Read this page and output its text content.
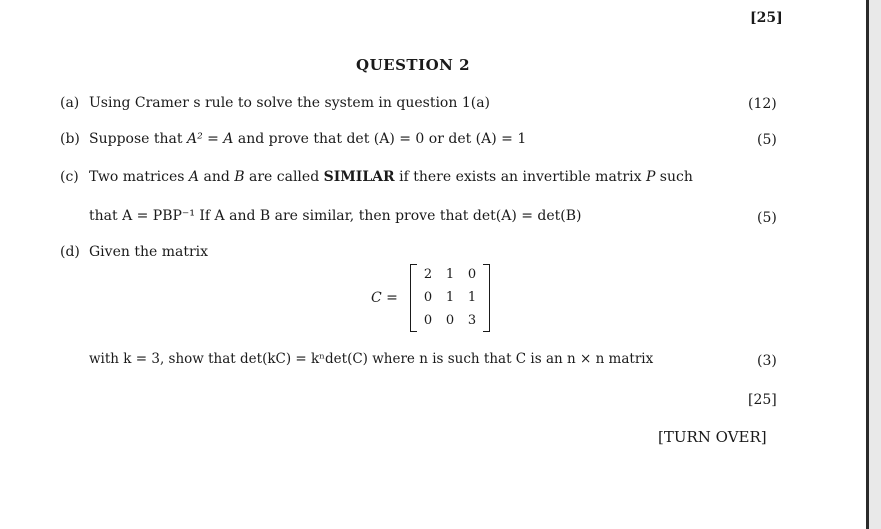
[25]
QUESTION 2
(a) Using Cramer s rule to solve the system in question 1(a)	(12)
(b) Suppose that A² = A and prove that det (A) = 0 or det (A) = 1	(5)
(c) Two matrices A and B are called SIMILAR if there exists an invertible matrix P such
that A = PBP⁻¹ If A and B are similar, then prove that det(A) = det(B)	(5)
(d) Given the matrix
C =
2 1 0
0 1 1
0 0 3
with k = 3, show that det(kC) = kⁿdet(C) where n is such that C is an n × n matrix	(3)
[25]
[TURN OVER]
